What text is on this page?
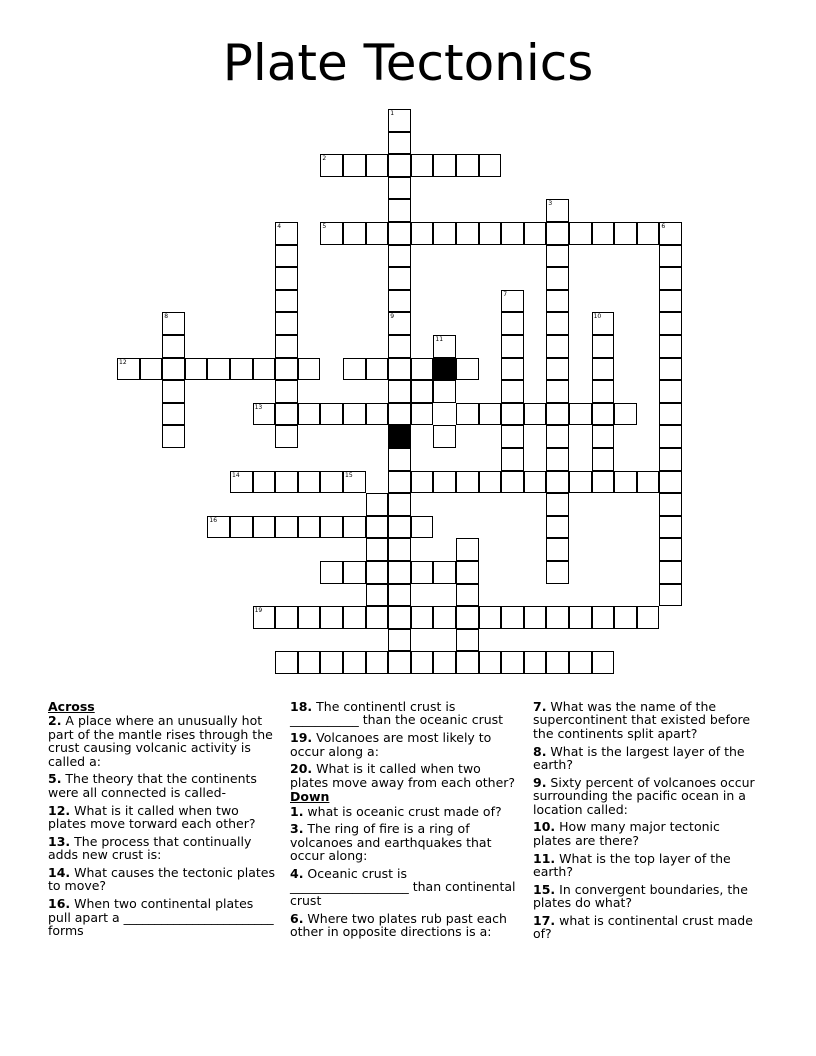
Plate Tectonics
1
9
2
3
4	5	6
7
10
8
12
11
13
14	15
16
19
Across
2. A place where an unusually hot part of the mantle rises through the crust causing volcanic activity is called a:
5. The theory that the continents were all connected is called-
12. What is it called when two plates move torward each other?
13. The process that continually adds new crust is:
14. What causes the tectonic plates to move?
16. When two continental plates pull apart a ________________________ forms
18. The continentl crust is ___________ than the oceanic crust
19. Volcanoes are most likely to occur along a:
20. What is it called when two plates move away from each other?
Down
1. what is oceanic crust made of?
3. The ring of fire is a ring of volcanoes and earthquakes that occur along:
4. Oceanic crust is ___________________ than continental crust
6. Where two plates rub past each other in opposite directions is a:
7. What was the name of the supercontinent that existed before the continents split apart?
8. What is the largest layer of the earth?
9. Sixty percent of volcanoes occur surrounding the pacific ocean in a location called:
10. How many major tectonic plates are there?
11. What is the top layer of the earth?
15. In convergent boundaries, the plates do what?
17. what is continental crust made of?
